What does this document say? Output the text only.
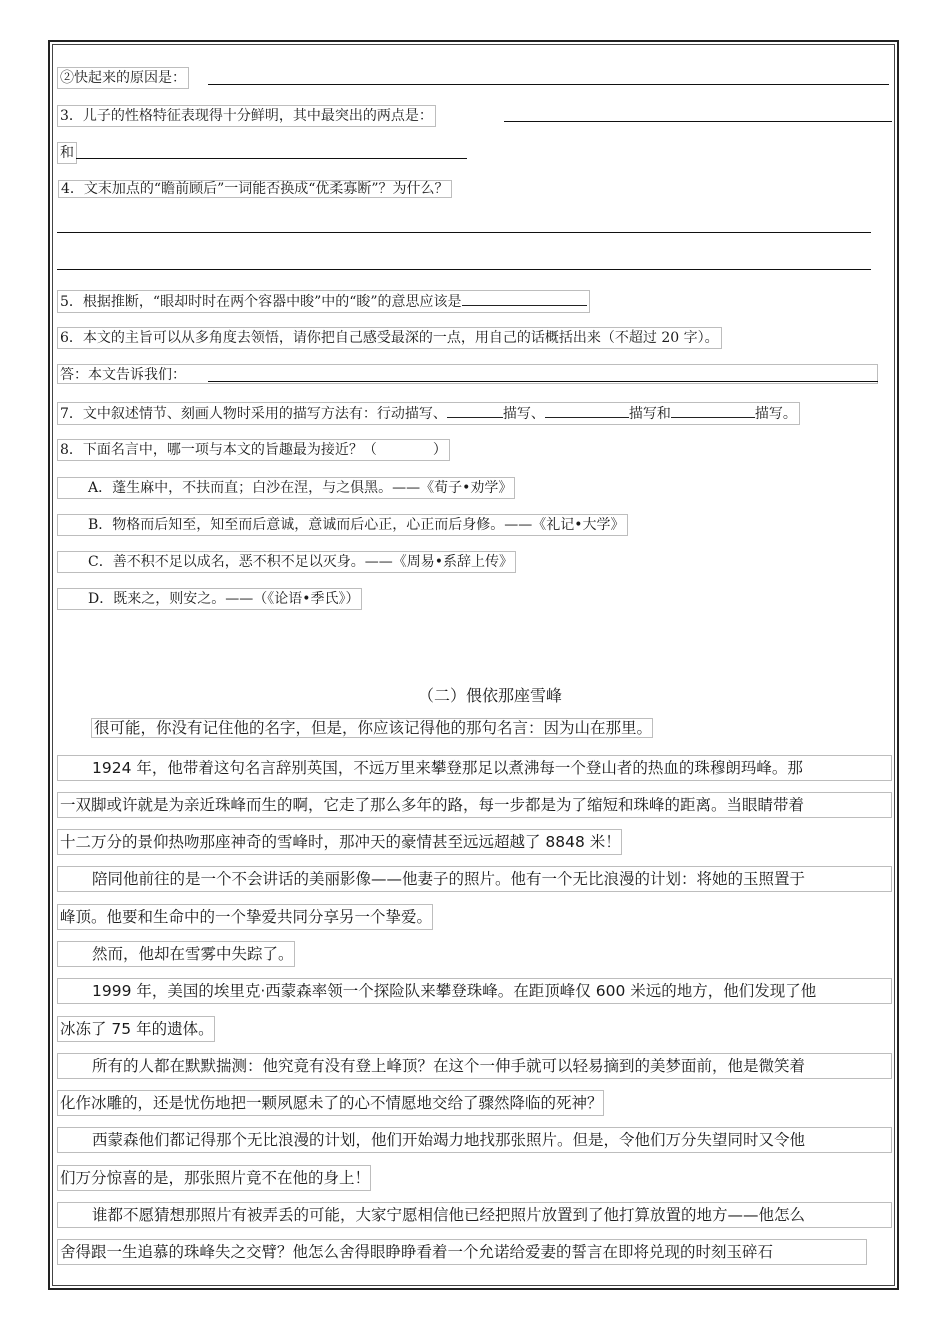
②快起来的原因是：
3．儿子的性格特征表现得十分鲜明，其中最突出的两点是：
和
4．文末加点的“瞻前顾后”一词能否换成“优柔寡断”？为什么？
5．根据推断，“眼却时时在两个容器中睃”中的“睃”的意思应该是
6．本文的主旨可以从多角度去领悟，请你把自己感受最深的一点，用自己的话概括出来（不超过 20 字）。
答：本文告诉我们：
7．文中叙述情节、刻画人物时采用的描写方法有：行动描写、	描写、	描写和	描写。
8．下面名言中，哪一项与本文的旨趣最为接近？（　　　　）
A．蓬生麻中，不扶而直；白沙在涅，与之俱黑。——《荀子•劝学》
B．物格而后知至，知至而后意诚，意诚而后心正，心正而后身修。——《礼记•大学》
C．善不积不足以成名，恶不积不足以灭身。——《周易•系辞上传》
D．既来之，则安之。——（《论语•季氏》）
（二）偎依那座雪峰
很可能，你没有记住他的名字，但是，你应该记得他的那句名言：因为山在那里。
1924 年，他带着这句名言辞别英国，不远万里来攀登那足以煮沸每一个登山者的热血的珠穆朗玛峰。那
一双脚或许就是为亲近珠峰而生的啊，它走了那么多年的路，每一步都是为了缩短和珠峰的距离。当眼睛带着
十二万分的景仰热吻那座神奇的雪峰时，那冲天的豪情甚至远远超越了 8848 米！
陪同他前往的是一个不会讲话的美丽影像——他妻子的照片。他有一个无比浪漫的计划：将她的玉照置于
峰顶。他要和生命中的一个挚爱共同分享另一个挚爱。
然而，他却在雪雾中失踪了。
1999 年，美国的埃里克·西蒙森率领一个探险队来攀登珠峰。在距顶峰仅 600 米远的地方，他们发现了他
冰冻了 75 年的遗体。
所有的人都在默默揣测：他究竟有没有登上峰顶？在这个一伸手就可以轻易摘到的美梦面前，他是微笑着
化作冰雕的，还是忧伤地把一颗夙愿未了的心不情愿地交给了骤然降临的死神？
西蒙森他们都记得那个无比浪漫的计划，他们开始竭力地找那张照片。但是，令他们万分失望同时又令他
们万分惊喜的是，那张照片竟不在他的身上！
谁都不愿猜想那照片有被弄丢的可能，大家宁愿相信他已经把照片放置到了他打算放置的地方——他怎么
舍得跟一生追慕的珠峰失之交臂？他怎么舍得眼睁睁看着一个允诺给爱妻的誓言在即将兑现的时刻玉碎石
